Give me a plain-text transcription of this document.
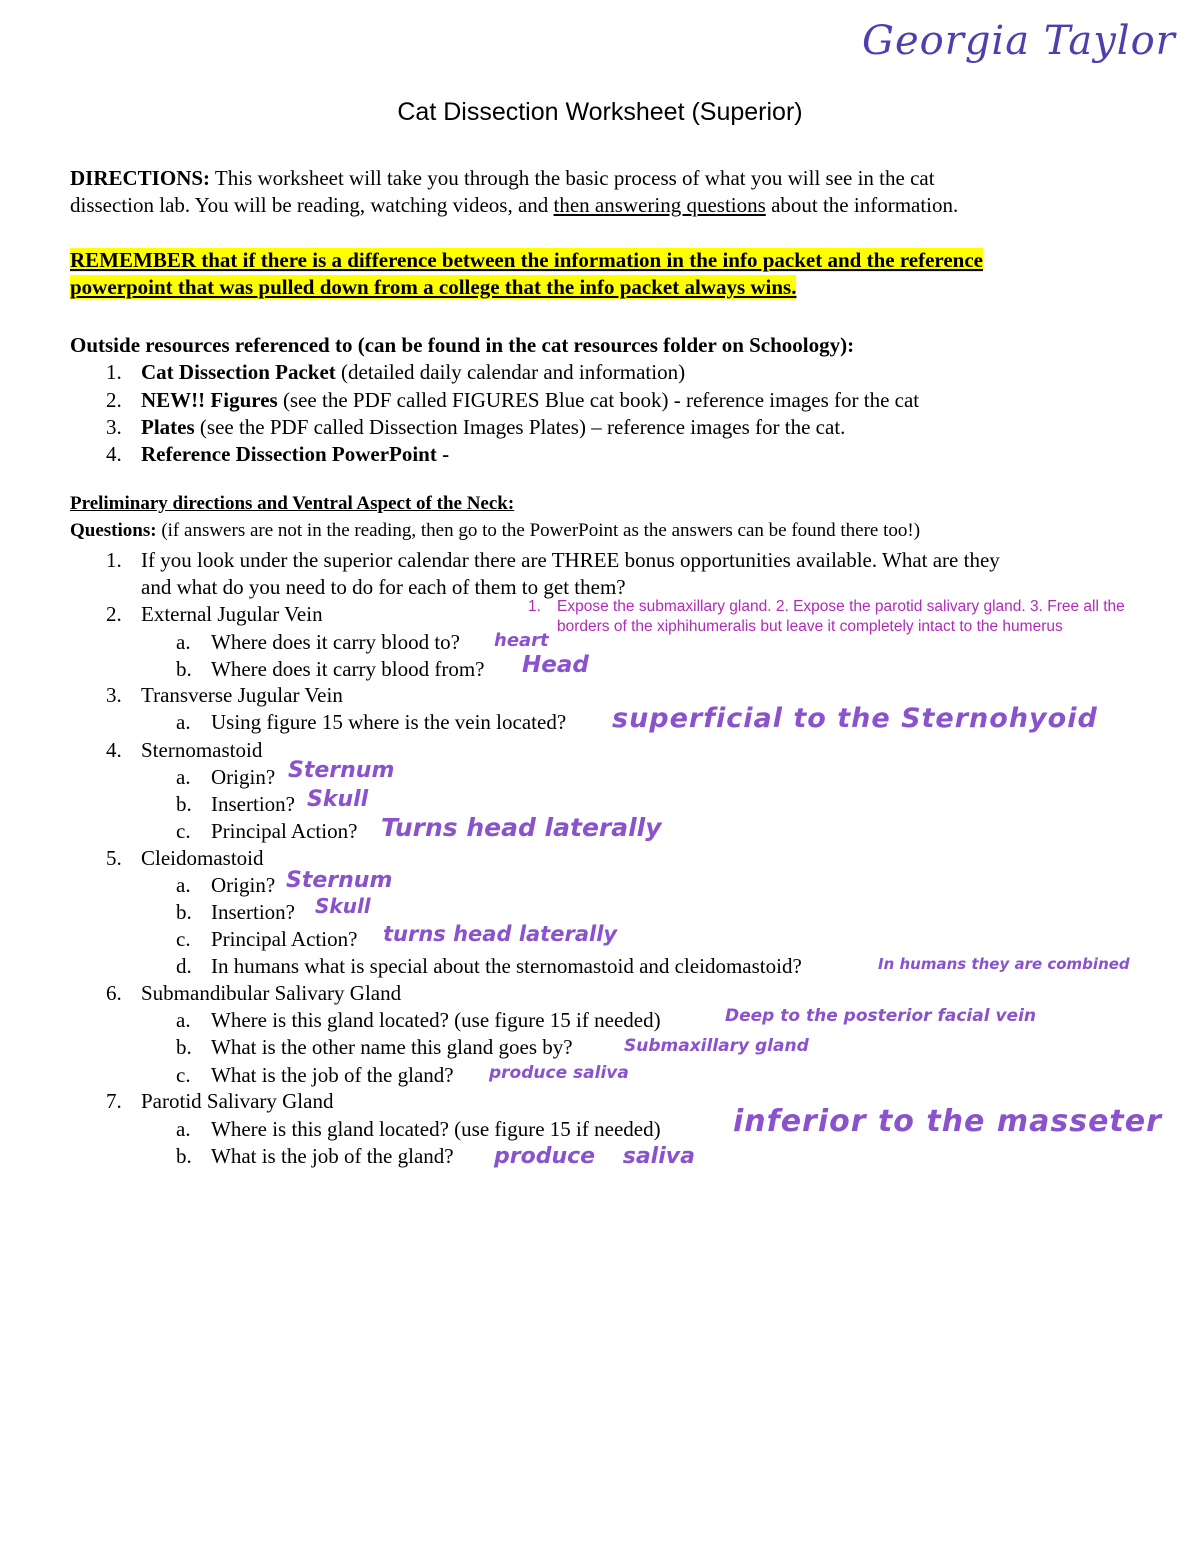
Georgia Taylor
Cat Dissection Worksheet (Superior)
DIRECTIONS: This worksheet will take you through the basic process of what you will see in the cat
dissection lab. You will be reading, watching videos, and then answering questions about the information.
REMEMBER that if there is a difference between the information in the info packet and the reference
powerpoint that was pulled down from a college that the info packet always wins.
Outside resources referenced to (can be found in the cat resources folder on Schoology):
1. Cat Dissection Packet (detailed daily calendar and information)
2. NEW!! Figures (see the PDF called FIGURES Blue cat book) - reference images for the cat
3. Plates (see the PDF called Dissection Images Plates) – reference images for the cat.
4. Reference Dissection PowerPoint -
Preliminary directions and Ventral Aspect of the Neck:
Questions: (if answers are not in the reading, then go to the PowerPoint as the answers can be found there too!)
1. If you look under the superior calendar there are THREE bonus opportunities available. What are they
and what do you need to do for each of them to get them?
1. Expose the submaxillary gland. 2. Expose the parotid salivary gland. 3. Free all the
borders of the xiphihumeralis but leave it completely intact to the humerus
2. External Jugular Vein
a. Where does it carry blood to? heart
b. Where does it carry blood from? Head
3. Transverse Jugular Vein
a. Using figure 15 where is the vein located? superficial to the Sternohyoid
4. Sternomastoid
a. Origin? Sternum
b. Insertion? Skull
c. Principal Action? Turns head laterally
5. Cleidomastoid
a. Origin? Sternum
b. Insertion? Skull
c. Principal Action? turns head laterally
d. In humans what is special about the sternomastoid and cleidomastoid?	In humans they are combined
6. Submandibular Salivary Gland
a. Where is this gland located? (use figure 15 if needed)	Deep to the posterior facial vein
b. What is the other name this gland goes by?	Submaxillary gland
c. What is the job of the gland? produce saliva
7. Parotid Salivary Gland
a. Where is this gland located? (use figure 15 if needed) inferior to the masseter
b. What is the job of the gland? produce saliva
